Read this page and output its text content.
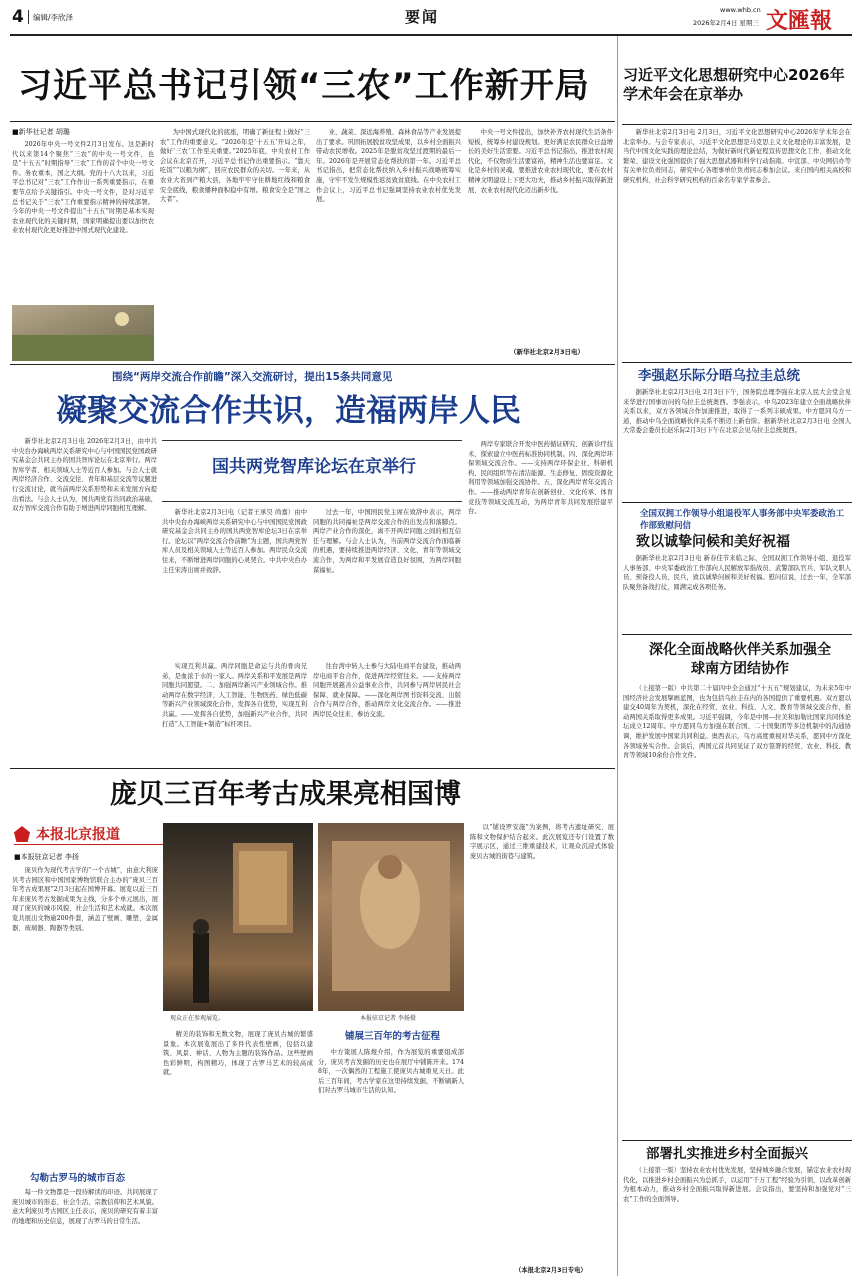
4 编辑/李欣泽	要闻	www.whb.cn
2026年2月4日 星期三 文匯報
习近平总书记引领“三农”工作新开局
■新华社记者 胡璐

2026年中央一号文件2月3日发布。这是新时代以来第14个聚焦“三农”的中央一号文件，也是“十五五”时期指导“三农”工作的首个中央一号文件。务农重本，国之大纲。党的十八大以来，习近平总书记对“三农”工作作出一系列重要指示，在重要节点给予关键指引。中央一号文件，是对习近平总书记关于“三农”工作重要指示精神的持续部署。今年的中央一号文件提出“十五五”时期是基本实现农业现代化的关键时期，国家明确提出要以加快农业农村现代化更好推进中国式现代化建设。

为中国式现代化的底座，明确了新征程上做好“三农”工作的重要意义。“2026年是‘十五五’开局之年，做好‘三农’工作至关重要。”2025年底，中央农村工作会议在北京召开，习近平总书记作出重要指示。“靠天吃饭”“以粮为纲”，回应农民群众的关切。一年来，从农业大省到产粮大县，各地牢牢守住耕地红线和粮食安全底线，粮食播种面积稳中有增。粮食安全是“国之大者”。

业、蔬菜、深远海养殖、森林食品等产业发展提出了要求。巩固拓展脱贫攻坚成果，以乡村全面振兴带动农民增收。2025年是脱贫攻坚过渡期的最后一年。2026年是开展常态化帮扶的第一年。习近平总书记指出，把常态化帮扶纳入乡村振兴战略统筹实施，守牢不发生规模性返贫致贫底线。在中央农村工作会议上，习近平总书记强调坚持农业农村优先发展。

中央一号文件提出，加快补齐农村现代生活条件短板，统筹乡村建设规划。更好满足农民群众日益增长的美好生活需要。习近平总书记指出，推进农村现代化，不仅物质生活要富裕，精神生活也要富足。文化是乡村的灵魂，要推进农业农村现代化，要在农村精神文明建设上下更大功夫，推动乡村振兴取得新进展、农业农村现代化迈出新步伐。

（新华社北京2月3日电）
习近平文化思想研究中心2026年学术年会在京举办

新华社北京2月3日电 2月3日，习近平文化思想研究中心2026年学术年会在北京举办。与会专家表示，习近平文化思想是马克思主义文化理论的丰富发展，是当代中国文化实践的理论总结，为做好新时代新征程宣传思想文化工作、推动文化繁荣、建设文化强国提供了强大思想武器和科学行动指南。中宣部、中央网信办等有关单位负责同志，研究中心各理事单位负责同志参加会议。来自国内相关高校和研究机构、社会科学研究机构的百余名专家学者参会。

李强赵乐际分晤乌拉圭总统

据新华社北京2月3日电 2月3日下午，国务院总理李强在北京人民大会堂会见来华进行国事访问的乌拉圭总统奥西。李强表示，中乌2023年建立全面战略伙伴关系以来，双方各领域合作加速推进，取得了一系列丰硕成果。中方愿同乌方一道，推动中乌全面战略伙伴关系不断迈上新台阶。据新华社北京2月3日电 全国人大常委会委员长赵乐际2月3日下午在北京会见乌拉圭总统奥西。

全国双拥工作领导小组退役军人事务部中央军委政治工作部致慰问信
致以诚挚问候和美好祝福

据新华社北京2月3日电 新春佳节来临之际，全国双拥工作领导小组、退役军人事务部、中央军委政治工作部向人民解放军指战员、武警部队官兵、军队文职人员、预备役人员、民兵，致以诚挚问候和美好祝福。慰问信说，过去一年，全军部队聚焦备战打仗，圆满完成各项任务。

深化全面战略伙伴关系加强全球南方团结协作

（上接第一版）中共第二十届四中全会通过“十五五”规划建议，为未来5年中国经济社会发展擘画蓝图，也为包括乌拉圭在内的各国提供了重要机遇。双方愿以建交40周年为契机，深化在经贸、农业、科技、人文、教育等领域交流合作，推动两国关系取得更多成果。习近平强调，今年是中国—拉美和加勒比国家共同体论坛成立12周年。中方愿同乌方加强在联合国、二十国集团等多边机制中的沟通协调，维护发展中国家共同利益。奥西表示，乌方高度重视对华关系，愿同中方深化各领域务实合作。会谈后，两国元首共同见证了双方签署的经贸、农业、科技、教育等领域10余份合作文件。

部署扎实推进乡村全面振兴

（上接第一版）坚持农业农村优先发展，坚持城乡融合发展，锚定农业农村现代化，以推进乡村全面振兴为总抓手，以运用“千万工程”经验为引领，以改革创新为根本动力，推动乡村全面振兴取得新进展。会议指出，要坚持和加强党对“三农”工作的全面领导。

围绕“两岸交流合作前瞻”深入交流研讨，提出15条共同意见
凝聚交流合作共识，造福两岸人民

新华社北京2月3日电 2026年2月3日，由中共中央台办海峡两岸关系研究中心与中国国民党国政研究基金会共同主办的国共智库论坛在北京举行。两岸智库学者、相关领域人士等近百人参加。与会人士就两岸经济合作、交流交往、青年和基层交流等议题进行交流讨论，就当前两岸关系形势和未来发展方向提出看法。与会人士认为，国共两党有共同政治基础，双方智库交流合作有助于增进两岸同胞相互理解。

国共两党智库论坛在京举行

新华社北京2月3日电（记者王承昊 尚嘉）由中共中央台办海峡两岸关系研究中心与中国国民党国政研究基金会共同主办的国共两党智库论坛3日在京举行。论坛以“两岸交流合作前瞻”为主题，国共两党智库人员及相关领域人士等近百人参加。两岸民众交流往来，不断增进两岸同胞的心灵契合。中共中央台办主任宋涛出席并致辞。

过去一年，中国国民党主席在致辞中表示，两岸同胞的共同福祉是两岸交流合作的出发点和落脚点。两岸产业合作的深化，离不开两岸同胞之间的相互信任与理解。与会人士认为，当前两岸交流合作面临新的机遇，要持续推进两岸经济、文化、青年等领域交流合作，为两岸和平发展营造良好氛围，为两岸同胞谋福祉。

实现互利共赢。两岸同胞是命运与共的骨肉兄弟，是血浓于水的一家人。两岸关系和平发展是两岸同胞共同愿望。二、加强两岸新兴产业领域合作。推动两岸在数字经济、人工智能、生物医药、绿色低碳等新兴产业领域深化合作，发挥各自优势，实现互利共赢。——发挥各自优势，加强新兴产业合作，共同打造“人工智能+制造”标杆项目。

往台湾中转人士参与大陆电商平台建设，推动两岸电商平台合作，促进两岸经贸往来。——支持两岸同胞开展慈善公益事业合作，共同参与两岸居民社会保障、就业保障。——深化两岸图书资料交流、出版合作与两岸合作，推动两岸文化交流合作。——推进两岸民众往来、参访交流。

两岸专家联合开发中医药循证研究、创新诊疗技术，探索建立中医药标准协同机制。四、深化两岸环保领域交流合作。——支持两岸环保企业、科研机构、民间组织等在清洁能源、生态修复、固废资源化利用等领域加强交流协作。五、深化两岸青年交流合作。——推动两岸青年在创新创业、文化传承、体育竞技等领域交流互动，为两岸青年共同发展搭建平台。

庞贝三百年考古成果亮相国博
本报北京报道
■本报驻京记者 李扬

庞贝作为现代考古学的“一个古城”，由意大利庞贝考古园区和中国国家博物馆联合主办的“庞贝三百年考古成果展”2月3日起在国博开幕。展览以近三百年来庞贝考古发掘成果为主线，分多个单元展出，展现了庞贝的城市风貌、社会生活和艺术成就。本次展览共展出文物逾200件套，涵盖了壁画、雕塑、金属器、玻璃器、陶器等类别。

勾勒古罗马的城市百态

每一件文物都是一段待解读的印迹。共同展现了庞贝城市的形态、社会生活、宗教信仰和艺术风貌。意大利庞贝考古园区主任表示，庞贝的研究有着丰富的地理和历史信息，展现了古罗马的日常生活。

观众正在参观展览。	本报驻京记者 李扬摄

精美的装饰和无数文物，展现了庞贝古城的繁盛景象。本次展览展出了多件代表性壁画，包括以建筑、风景、神话、人物为主题的装饰作品。这些壁画色彩鲜明，构图精巧，体现了古罗马艺术的较高成就。

铺展三百年的考古征程

中方策展人陈煜介绍，作为展览的重要组成部分，庞贝考古发掘的历史也在展厅中铺陈开来。1748年，一次偶然的工程施工使庞贝古城重见天日。此后三百年间，考古学家在这里持续发掘，不断刷新人们对古罗马城市生活的认知。

以“铺设罗安施”为案例，将考古遗址研究、展陈和文物保护结合起来。此次展览还专门设置了数字展示区，通过三维重建技术，让观众沉浸式体验庞贝古城的街巷与建筑。

（本报北京2月3日专电）
